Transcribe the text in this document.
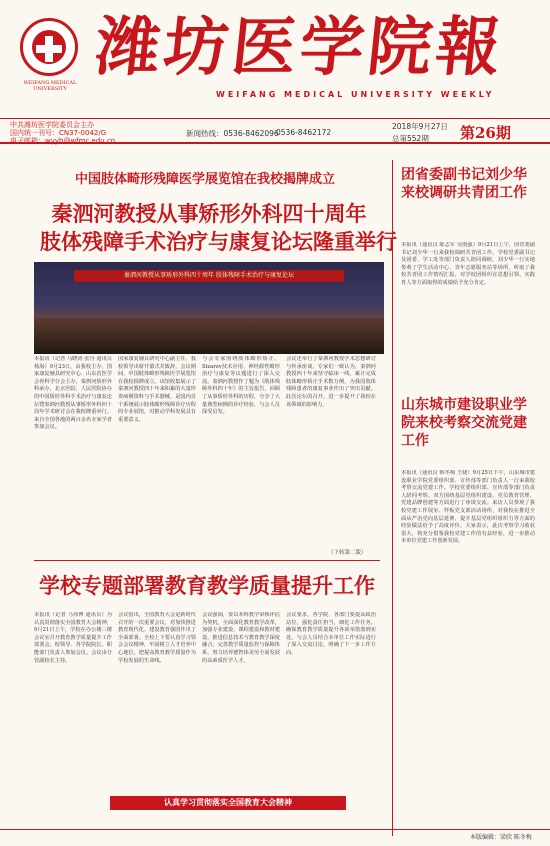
WEIFANG MEDICAL UNIVERSITY
潍坊医学院報
WEIFANG MEDICAL UNIVERSITY WEEKLY
中共潍坊医学院委员会主办
国内统一刊号：CN37-0042/G
电子邮箱：wyyb@wfmc.edu.cn
新闻热线：0536-8462096
0536-8462172
2018年9月27日
总第552期 第26期
中国肢体畸形残障医学展览馆在我校揭牌成立
秦泗河教授从事矫形外科四十周年
肢体残障手术治疗与康复论坛隆重举行
秦泗河教授从事矫形外科四十周年 肢体残障手术治疗与康复论坛
本报讯（记者 马晓涛 张丹 通讯员 杨海）9月23日，由我校主办，国家康复辅具研究中心、山东省医学会骨科学分会主办，秦泗河矫形外科承办，北京医院、人民医院协办的中国矫形外科手术治疗与康复论坛暨秦泗河教授从事矫形外科四十周年学术研讨会在我校隆重举行。来自全国各地的两百余名专家学者参加会议。
国家康复辅具研究中心副主任、我校领导出席开幕式并致辞。会议期间，中国肢体畸形残障医学展览馆在我校揭牌成立。该馆收集展示了秦泗河教授四十年来积累的大量珍贵病例资料与手术器械，是国内首个系统展示肢体畸形残障诊疗历程的专业展馆，对推动学科发展具有重要意义。
与会专家围绕肢体畸形矫正、Ilizarov技术应用、神经源性畸形治疗与康复等议题进行了深入交流。秦泗河教授作了题为《肢体残障外科四十年》的主旨报告，回顾了从事矫形外科的历程，分享了大量典型病例的诊疗经验，与会人员深受启发。
会议还举行了秦泗河教授学术思想研讨与传承座谈，专家们一致认为，秦泗河教授四十年来坚守临床一线，累计完成肢体畸形矫正手术数万例，为我国肢体残障患者的康复事业作出了突出贡献。此次论坛的召开，进一步提升了我校在该领域的影响力。
（下转第二版）
学校专题部署教育教学质量提升工作
本报讯（记者 马伟博 通讯员）为认真贯彻落实全国教育大会精神，9月21日上午，学校在办公楼三楼会议室召开教育教学质量提升工作部署会。校领导、各学院院长、职能部门负责人参加会议。会议由分管副校长主持。
会议指出，全国教育大会是新时代召开的一次重要会议，对加快推进教育现代化、建设教育强国作出了全面部署。全校上下要认真学习领会会议精神，牢固树立人才培养中心地位，把提高教育教学质量作为学校发展的生命线。
会议强调，要以本科教学审核评估为契机，全面深化教育教学改革，加强专业建设、课程建设和教材建设，推进信息技术与教育教学深度融合，完善教学质量监控与保障体系，努力培养德智体美劳全面发展的高素质医学人才。
会议要求，各学院、各部门要提高政治站位，强化责任担当，细化工作任务，确保教育教学质量提升各项举措落到实处。与会人员结合本单位工作实际进行了深入交流讨论，明确了下一步工作方向。
认真学习贯彻落实全国教育大会精神
团省委副书记刘少华来校调研共青团工作
本报讯（通讯员 陈志军 吴雨强）9月21日上午，团省委副书记刘少华一行来我校调研共青团工作。学校党委副书记及团委、学工处等部门负责人陪同调研。刘少华一行实地参观了学生活动中心、青年志愿服务站等场所，听取了我校共青团工作情况汇报，对学校团组织在思想引领、实践育人等方面取得的成绩给予充分肯定。
山东城市建设职业学院来校考察交流党建工作
本报讯（通讯员 韩冬梅 王婕）9月25日下午，山东城市建设职业学院党委组织部、宣传部等部门负责人一行来我校考察交流党建工作。学校党委组织部、宣传部等部门负责人陪同考察。双方围绕基层党组织建设、党员教育管理、党建品牌创建等方面进行了座谈交流。来访人员参观了我校党建工作展室、样板党支部活动场所，对我校在推进全面从严治党向基层延伸、提升基层党组织组织力等方面的经验做法给予了高度评价。大家表示，此次考察学习收获很大，将充分借鉴我校党建工作的有益经验，进一步推动本单位党建工作创新发展。
本版编辑：梁欣 陈冬梅
